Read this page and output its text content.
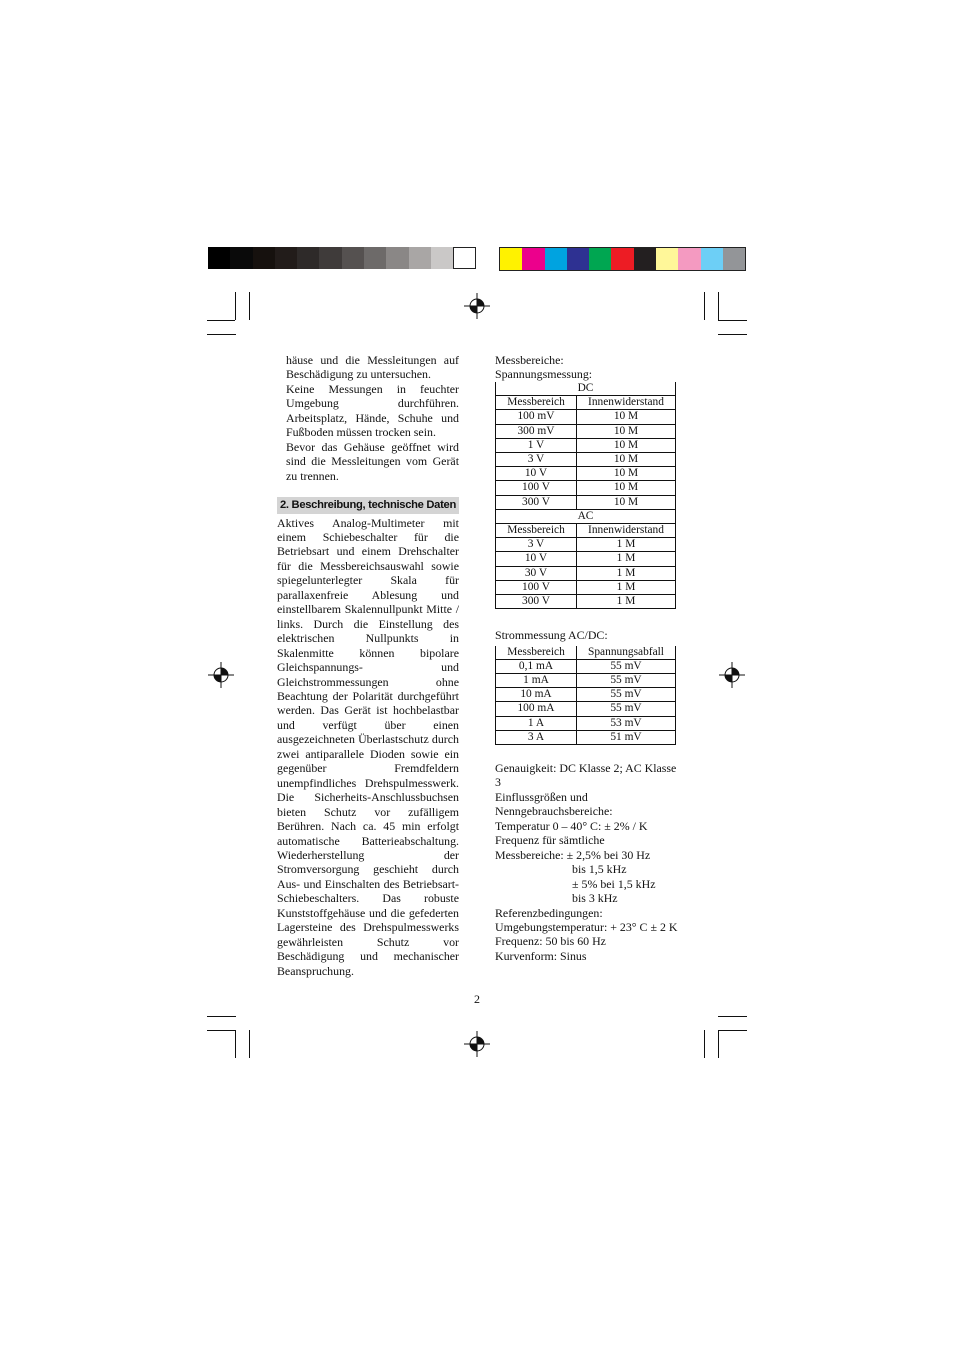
häuse und die Messleitungen auf Beschädigung zu untersuchen.

Keine Messungen in feuchter Umgebung durchführen. Arbeitsplatz, Hände, Schuhe und Fußboden müssen trocken sein.

Bevor das Gehäuse geöffnet wird sind die Messleitungen vom Gerät zu trennen.

2. Beschreibung, technische Daten

Aktives Analog-Multimeter mit einem Schiebeschalter für die Betriebsart und einem Drehschalter für die Messbereichsauswahl sowie spiegelunterlegter Skala für parallaxenfreie Ablesung und einstellbarem Skalennullpunkt Mitte / links. Durch die Einstellung des elektrischen Nullpunkts in Skalenmitte können bipolare Gleichspannungs- und Gleichstrommessungen ohne Beachtung der Polarität durchgeführt werden. Das Gerät ist hochbelastbar und verfügt über einen ausgezeichneten Überlastschutz durch zwei antiparallele Dioden sowie ein gegenüber Fremdfeldern unempfindliches Drehspulmesswerk. Die Sicherheits-Anschlussbuchsen bieten Schutz vor zufälligem Berühren. Nach ca. 45 min erfolgt automatische Batterieabschaltung. Wiederherstellung der Stromversorgung geschieht durch Aus- und Einschalten des Betriebsart-Schiebeschalters. Das robuste Kunststoffgehäuse und die gefederten Lagersteine des Drehspulmesswerks gewährleisten Schutz vor Beschädigung und mechanischer Beanspruchung.

Messbereiche:

Spannungsmessung:

DC	
Messbereich	Innenwiderstand
100 mV	10 M
300 mV	10 M
1 V	10 M
3 V	10 M
10 V	10 M
100 V	10 M
300 V	10 M
AC	
Messbereich	Innenwiderstand
3 V	1 M
10 V	1 M
30 V	1 M
100 V	1 M
300 V	1 M

Strommessung AC/DC:

Messbereich	Spannungsabfall
0,1 mA	55 mV
1 mA	55 mV
10 mA	55 mV
100 mA	55 mV
1 A	53 mV
3 A	51 mV

Genauigkeit: DC Klasse 2; AC Klasse 3

Einflussgrößen und Nenngebrauchsbereiche:

Temperatur 0 – 40° C: ± 2% / K

Frequenz für sämtliche

Messbereiche: ± 2,5% bei 30 Hz

bis 1,5 kHz

± 5% bei 1,5 kHz

bis 3 kHz

Referenzbedingungen:

Umgebungstemperatur: + 23° C ± 2 K

Frequenz: 50 bis 60 Hz

Kurvenform: Sinus

2
